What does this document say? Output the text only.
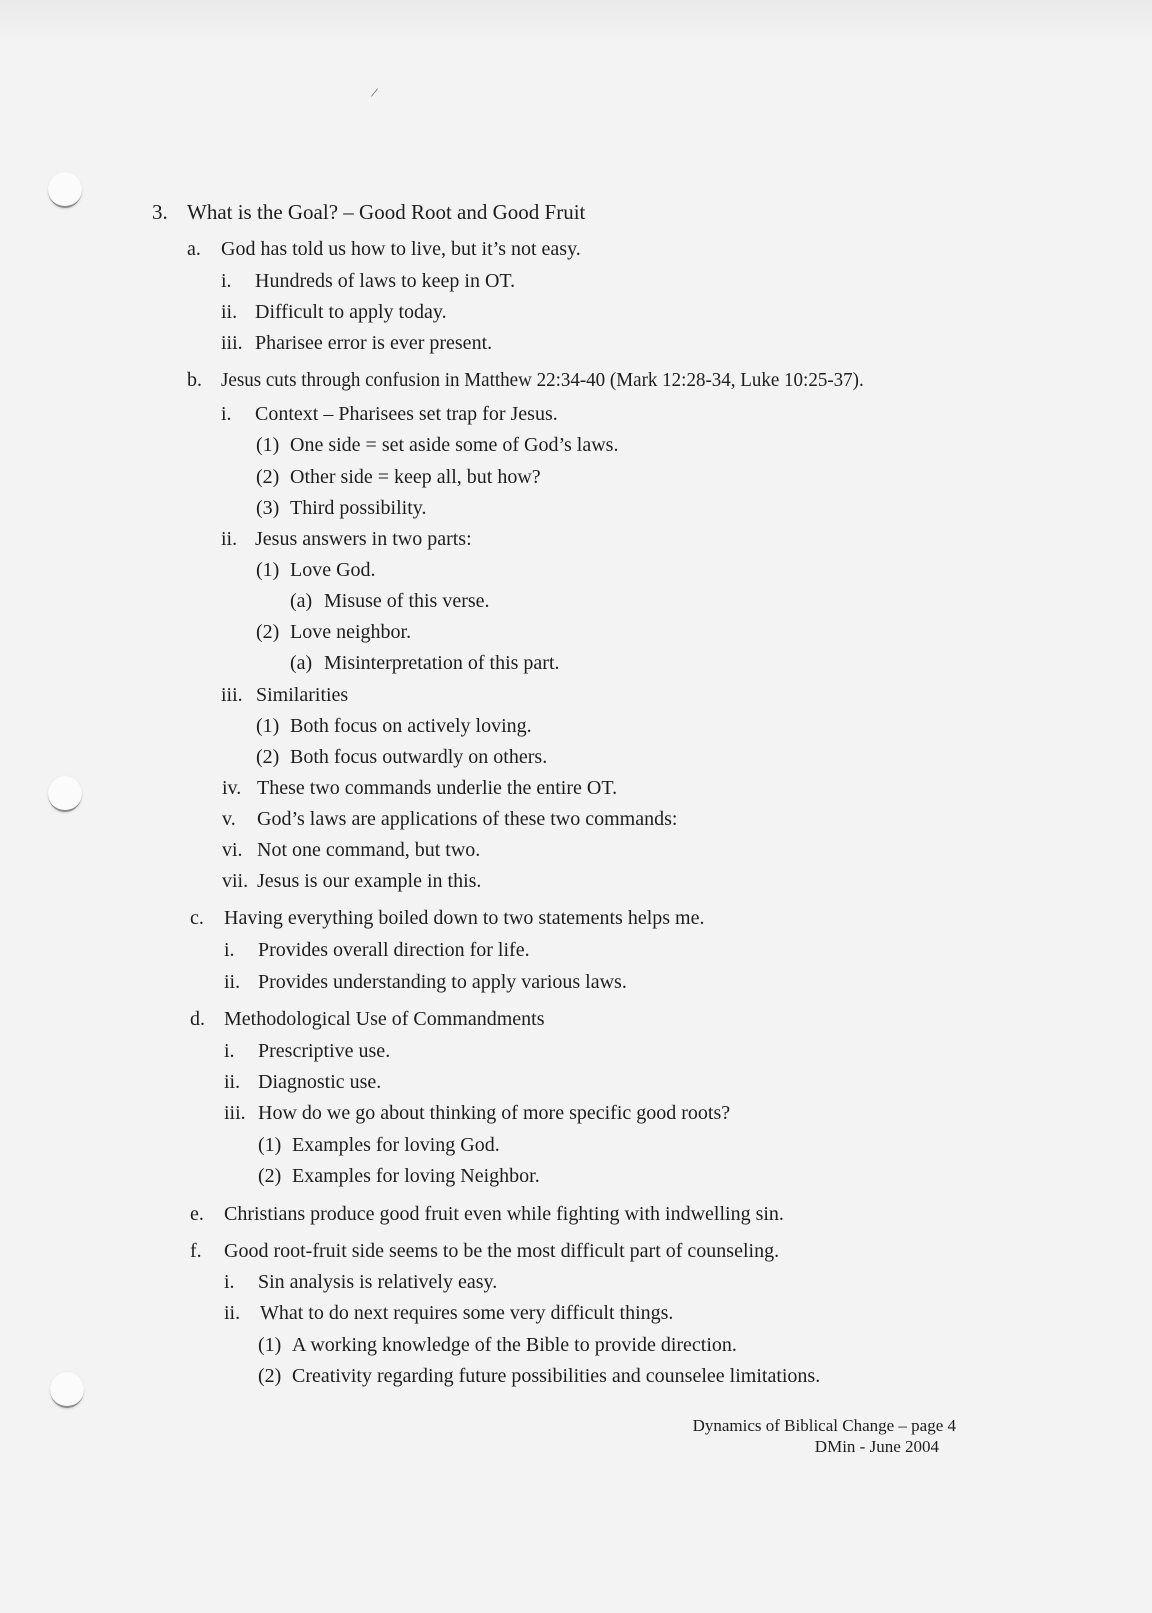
/
3. What is the Goal? – Good Root and Good Fruit
a. God has told us how to live, but it’s not easy.
i. Hundreds of laws to keep in OT.
ii. Difficult to apply today.
iii. Pharisee error is ever present.
b. Jesus cuts through confusion in Matthew 22:34-40 (Mark 12:28-34, Luke 10:25-37).
i. Context – Pharisees set trap for Jesus.
(1) One side = set aside some of God’s laws.
(2) Other side = keep all, but how?
(3) Third possibility.
ii. Jesus answers in two parts:
(1) Love God.
(a) Misuse of this verse.
(2) Love neighbor.
(a) Misinterpretation of this part.
iii. Similarities
(1) Both focus on actively loving.
(2) Both focus outwardly on others.
iv. These two commands underlie the entire OT.
v. God’s laws are applications of these two commands:
vi. Not one command, but two.
vii. Jesus is our example in this.
c. Having everything boiled down to two statements helps me.
i. Provides overall direction for life.
ii. Provides understanding to apply various laws.
d. Methodological Use of Commandments
i. Prescriptive use.
ii. Diagnostic use.
iii. How do we go about thinking of more specific good roots?
(1) Examples for loving God.
(2) Examples for loving Neighbor.
e. Christians produce good fruit even while fighting with indwelling sin.
f. Good root-fruit side seems to be the most difficult part of counseling.
i. Sin analysis is relatively easy.
ii. What to do next requires some very difficult things.
(1) A working knowledge of the Bible to provide direction.
(2) Creativity regarding future possibilities and counselee limitations.
Dynamics of Biblical Change – page 4
DMin - June 2004
